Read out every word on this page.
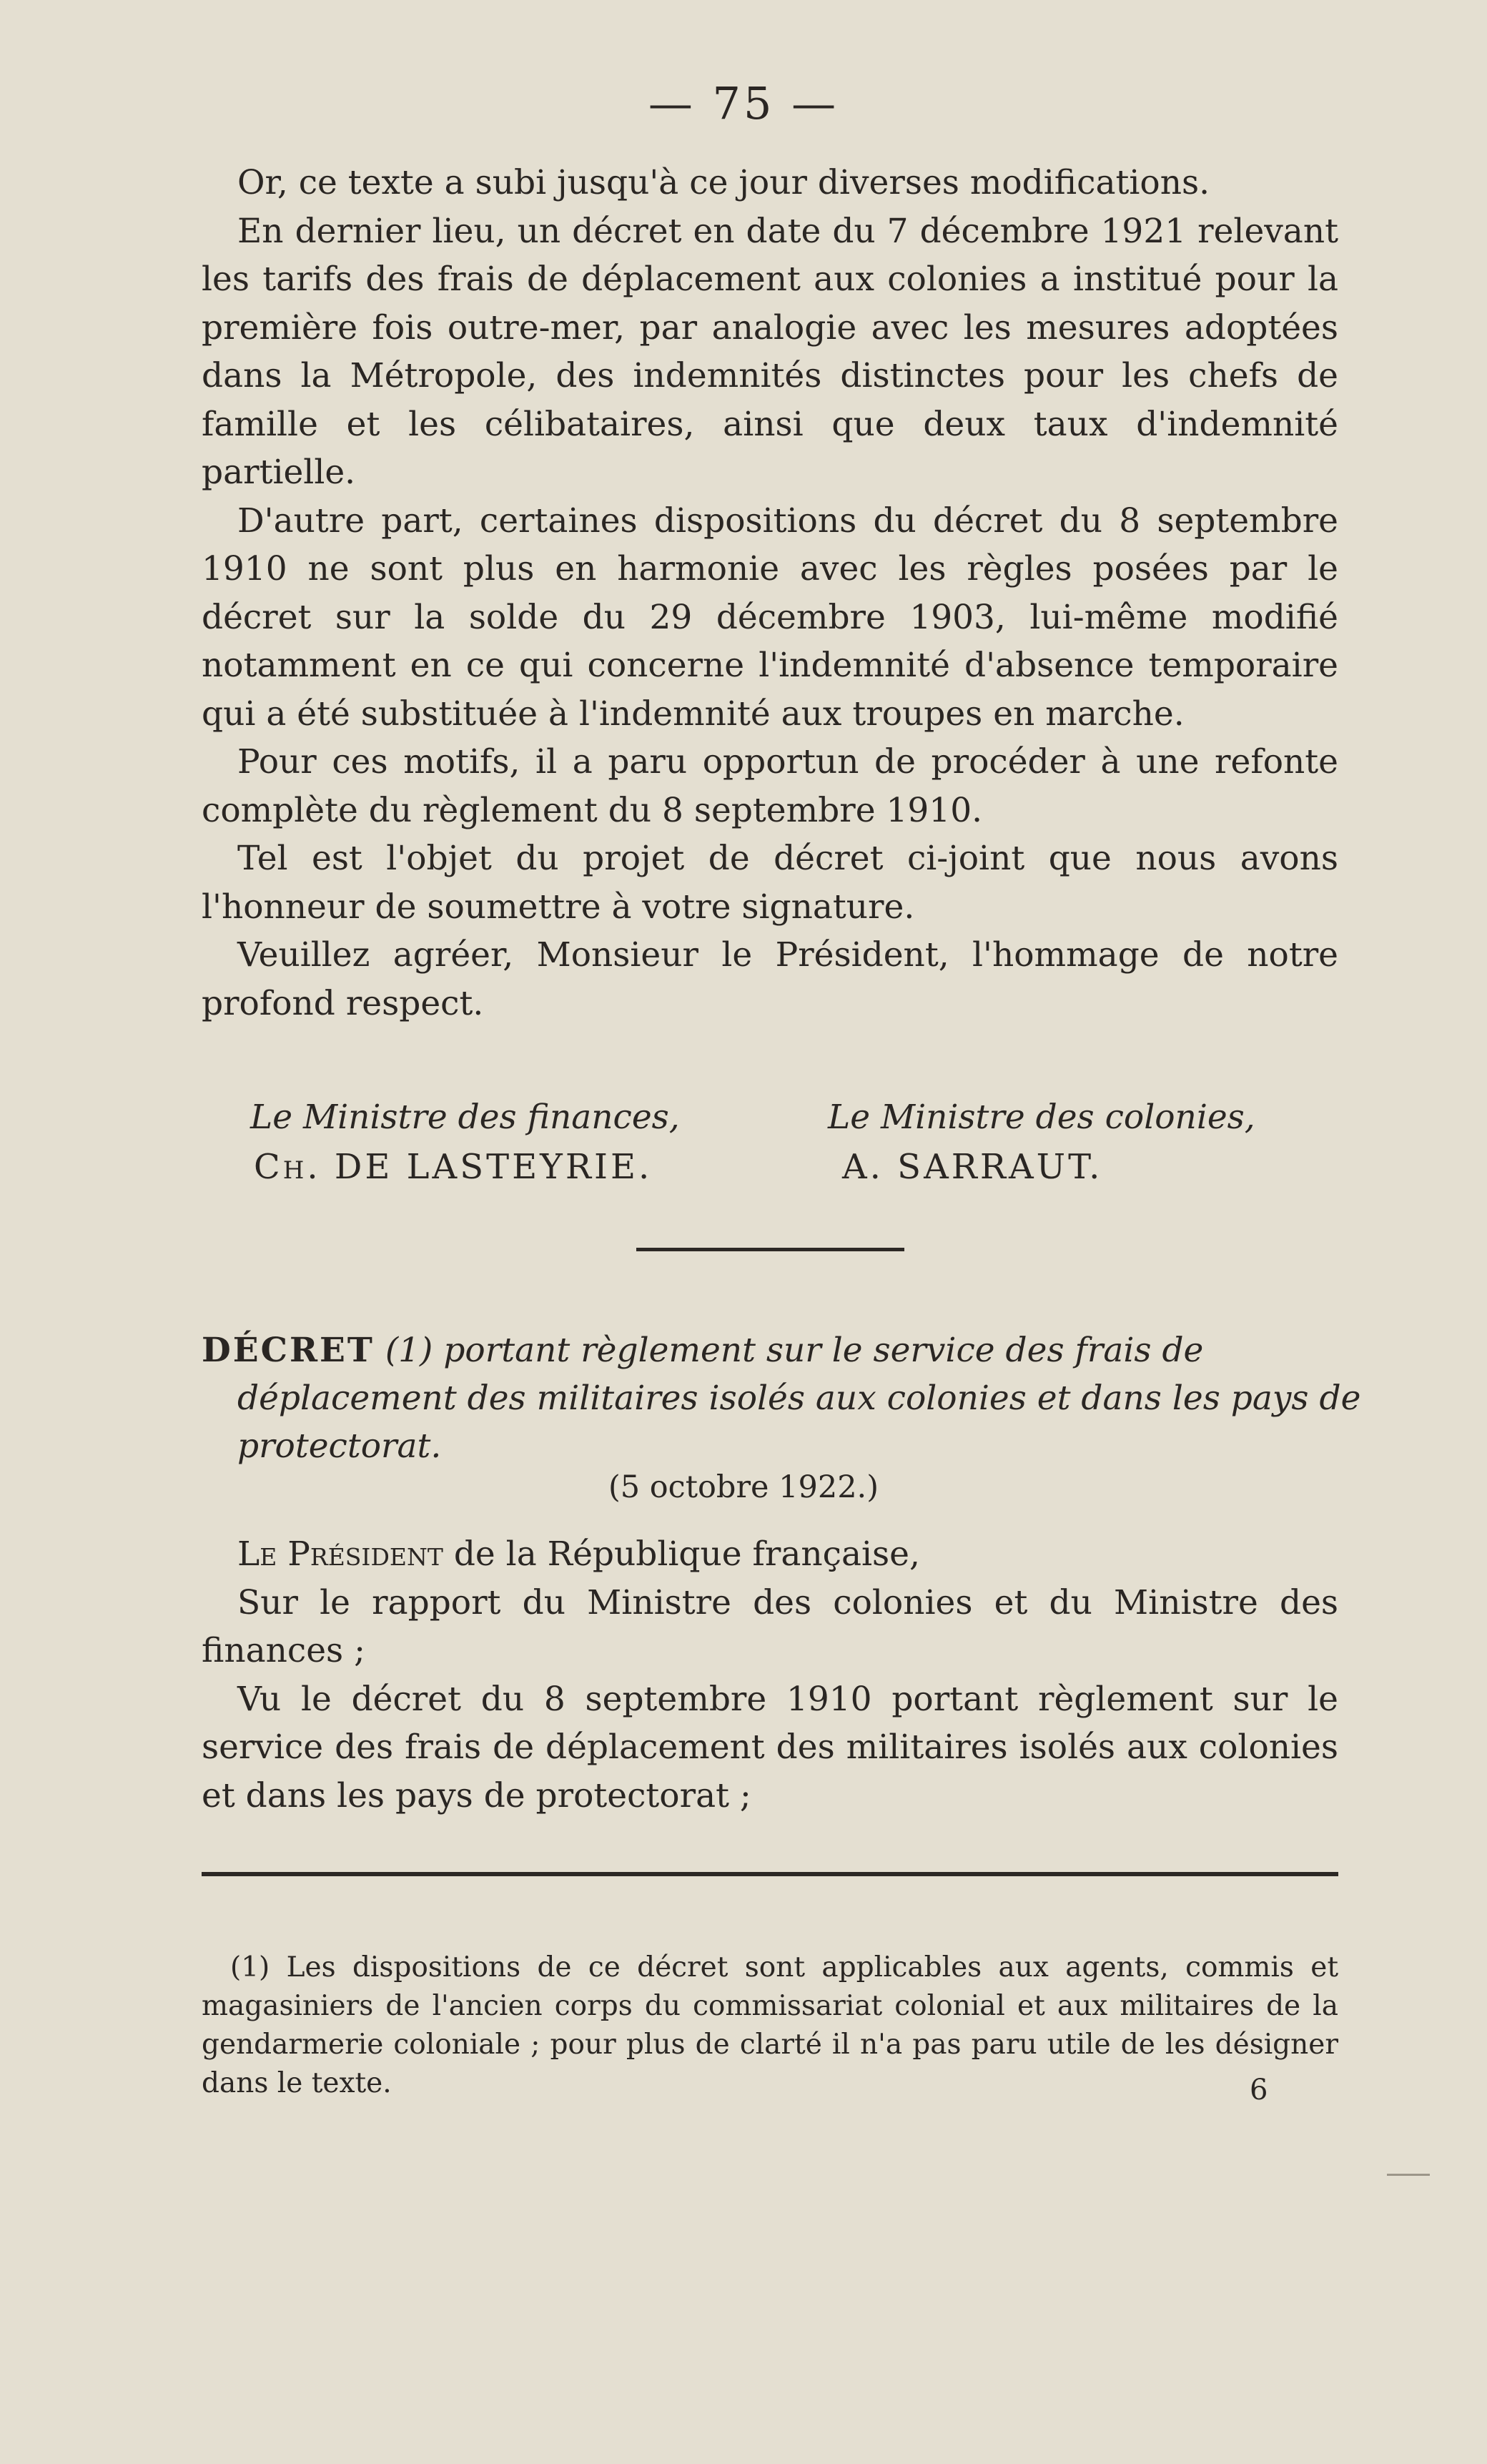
— 75 —

Or, ce texte a subi jusqu'à ce jour diverses modifications.

En dernier lieu, un décret en date du 7 décembre 1921 relevant les tarifs des frais de déplacement aux colonies a institué pour la première fois outre-mer, par analogie avec les mesures adoptées dans la Métropole, des indemnités distinctes pour les chefs de famille et les célibataires, ainsi que deux taux d'indemnité partielle.

D'autre part, certaines dispositions du décret du 8 septembre 1910 ne sont plus en harmonie avec les règles posées par le décret sur la solde du 29 décembre 1903, lui-même modifié notamment en ce qui concerne l'indemnité d'absence temporaire qui a été substituée à l'indemnité aux troupes en marche.

Pour ces motifs, il a paru opportun de procéder à une refonte complète du règlement du 8 septembre 1910.

Tel est l'objet du projet de décret ci-joint que nous avons l'honneur de soumettre à votre signature.

Veuillez agréer, Monsieur le Président, l'hommage de notre profond respect.

Le Ministre des finances,
Ch. DE LASTEYRIE.
Le Ministre des colonies,
A. SARRAUT.
DÉCRET (1) portant règlement sur le service des frais de déplacement des militaires isolés aux colonies et dans les pays de protectorat.
(5 octobre 1922.)

Le Président de la République française,

Sur le rapport du Ministre des colonies et du Ministre des finances ;

Vu le décret du 8 septembre 1910 portant règlement sur le service des frais de déplacement des militaires isolés aux colonies et dans les pays de protectorat ;

(1) Les dispositions de ce décret sont applicables aux agents, commis et magasiniers de l'ancien corps du commissariat colonial et aux militaires de la gendarmerie coloniale ; pour plus de clarté il n'a pas paru utile de les désigner dans le texte.	6
